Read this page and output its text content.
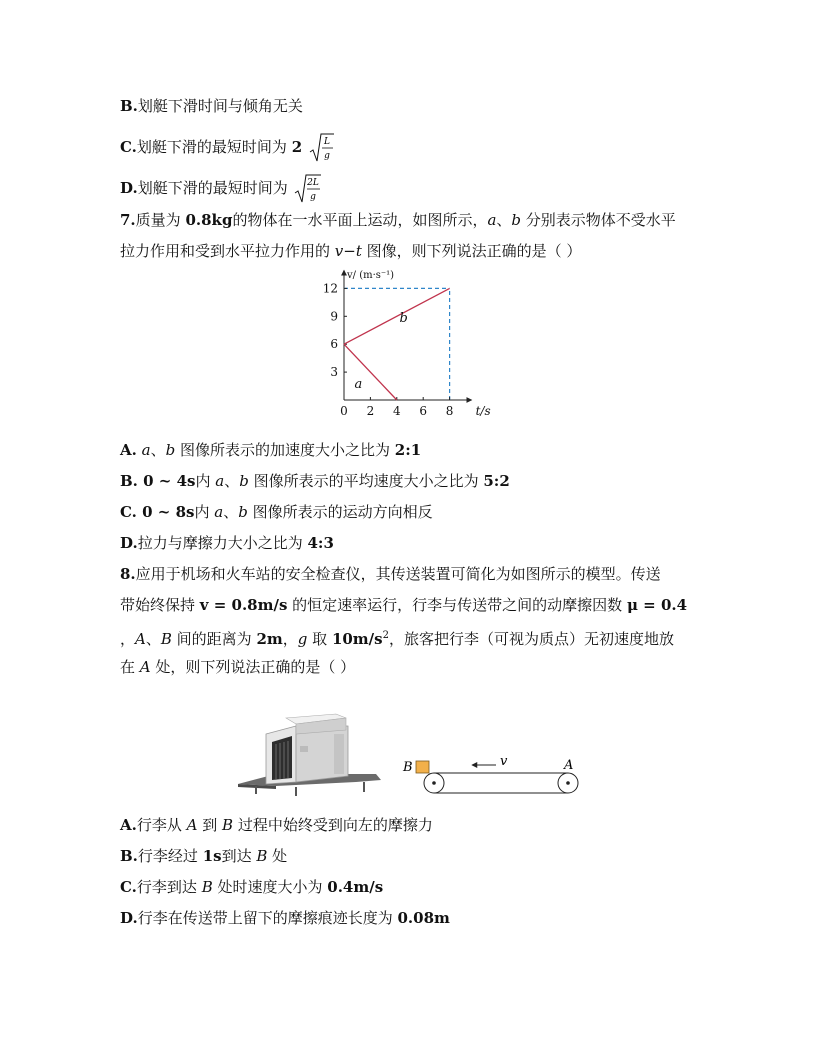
B.划艇下滑时间与倾角无关
C.划艇下滑的最短时间为 2 L
g
D.划艇下滑的最短时间为 2L
g
7.质量为 0.8kg的物体在一水平面上运动，如图所示，a、b 分别表示物体不受水平
拉力作用和受到水平拉力作用的 v−t 图像，则下列说法正确的是（ ）
0 2 4 6 8
3
6
9
12
v/ (m·s⁻¹)
t/s
a
b
A. a、b 图像所表示的加速度大小之比为 2:1
B. 0 ~ 4s内 a、b 图像所表示的平均速度大小之比为 5:2
C. 0 ~ 8s内 a、b 图像所表示的运动方向相反
D.拉力与摩擦力大小之比为 4:3
8.应用于机场和火车站的安全检查仪，其传送装置可简化为如图所示的模型。传送
带始终保持 v = 0.8m/s 的恒定速率运行，行李与传送带之间的动摩擦因数 μ = 0.4
，A、B 间的距离为 2m，g 取 $10m/s^2$，旅客把行李（可视为质点）无初速度地放
在 A 处，则下列说法正确的是（ ）
B	A
v
A.行李从 A 到 B 过程中始终受到向左的摩擦力
B.行李经过 1s到达 B 处
C.行李到达 B 处时速度大小为 0.4m/s
D.行李在传送带上留下的摩擦痕迹长度为 0.08m
